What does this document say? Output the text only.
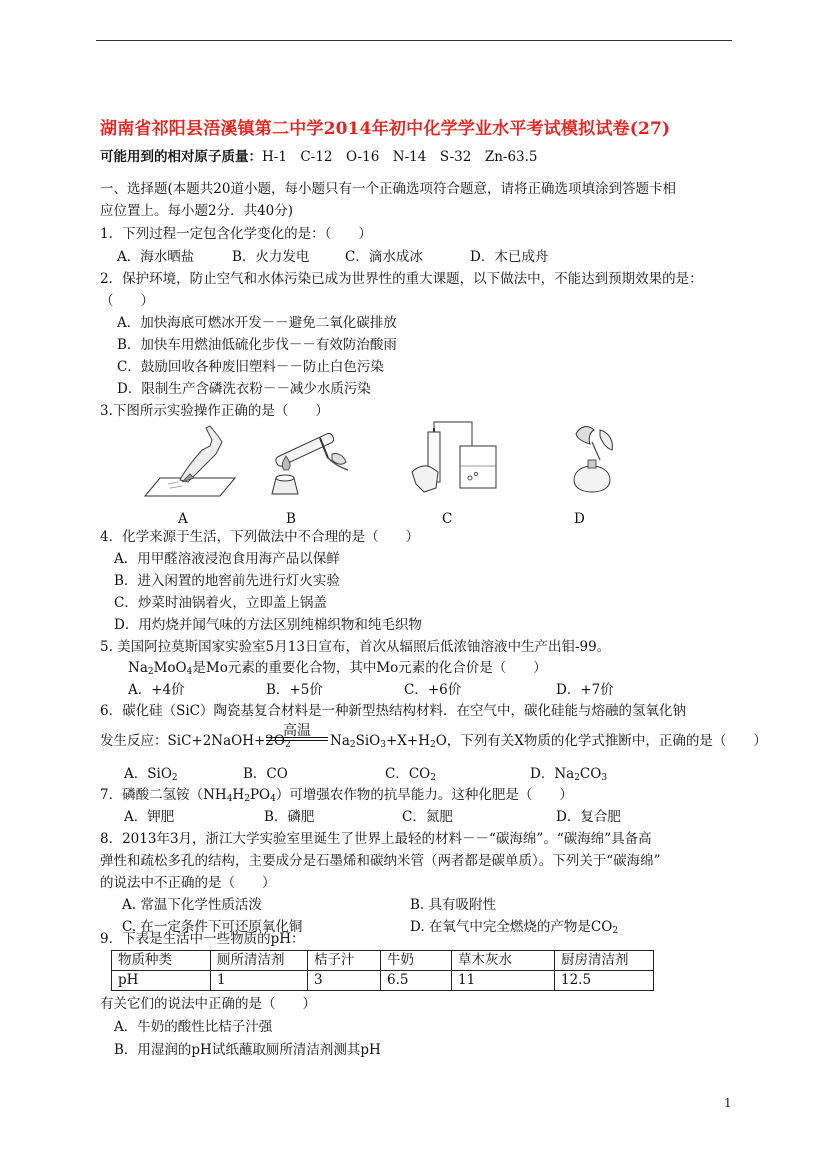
湖南省祁阳县浯溪镇第二中学2014年初中化学学业水平考试模拟试卷(27)
可能用到的相对原子质量：H-1　C-12　O-16　N-14　S-32　Zn-63.5
一、选择题(本题共20道小题，每小题只有一个正确选项符合题意，请将正确选项填涂到答题卡相
应位置上。每小题2分．共40分)
1．下列过程一定包含化学变化的是：（　　）
A．海水晒盐	B．火力发电	C．滴水成冰	D．木已成舟
2．保护环境，防止空气和水体污染已成为世界性的重大课题，以下做法中，不能达到预期效果的是：
（　　）
A．加快海底可燃冰开发－－避免二氧化碳排放
B．加快车用燃油低硫化步伐－－有效防治酸雨
C．鼓励回收各种废旧塑料－－防止白色污染
D．限制生产含磷洗衣粉－－减少水质污染
3.下图所示实验操作正确的是（　　）
A	B	C	D
4．化学来源于生活，下列做法中不合理的是（　　）
A．用甲醛溶液浸泡食用海产品以保鲜
B．进入闲置的地窖前先进行灯火实验
C．炒菜时油锅着火，立即盖上锅盖
D．用灼烧并闻气味的方法区别纯棉织物和纯毛织物
5. 美国阿拉莫斯国家实验室5月13日宣布，首次从辐照后低浓铀溶液中生产出钼-99。
$Na_2MoO_4$是Mo元素的重要化合物，其中Mo元素的化合价是（　　）
A．+4价	B．+5价	C．+6价	D．+7价
6．碳化硅（SiC）陶瓷基复合材料是一种新型热结构材料．在空气中，碳化硅能与熔融的氢氧化钠
高温
发生反应：$SiC+2NaOH+2O_2$	$Na_2SiO_3+X+H_2O$，下列有关X物质的化学式推断中，正确的是（　　）
A．SiO$_2$	B．CO	C．$CO_2$	D．$Na_2CO_3$
7．磷酸二氢铵$(NH_4H_2PO_4)$可增强农作物的抗旱能力。这种化肥是（　　）
A．钾肥	B．磷肥	C．氮肥	D．复合肥
8．2013年3月，浙江大学实验室里诞生了世界上最轻的材料－－“碳海绵”。“碳海绵”具备高
弹性和疏松多孔的结构，主要成分是石墨烯和碳纳米管（两者都是碳单质）。下列关于“碳海绵”
的说法中不正确的是（　　）
A. 常温下化学性质活泼	B. 具有吸附性
C. 在一定条件下可还原氧化铜	D. 在氧气中完全燃烧的产物是$CO_2$
9．下表是生活中一些物质的pH：
物质种类	厕所清洁剂	桔子汁	牛奶	草木灰水	厨房清洁剂
pH	1	3	6.5	11	12.5
有关它们的说法中正确的是（　　）
A．牛奶的酸性比桔子汁强
B．用湿润的pH试纸蘸取厕所清洁剂测其pH
1
